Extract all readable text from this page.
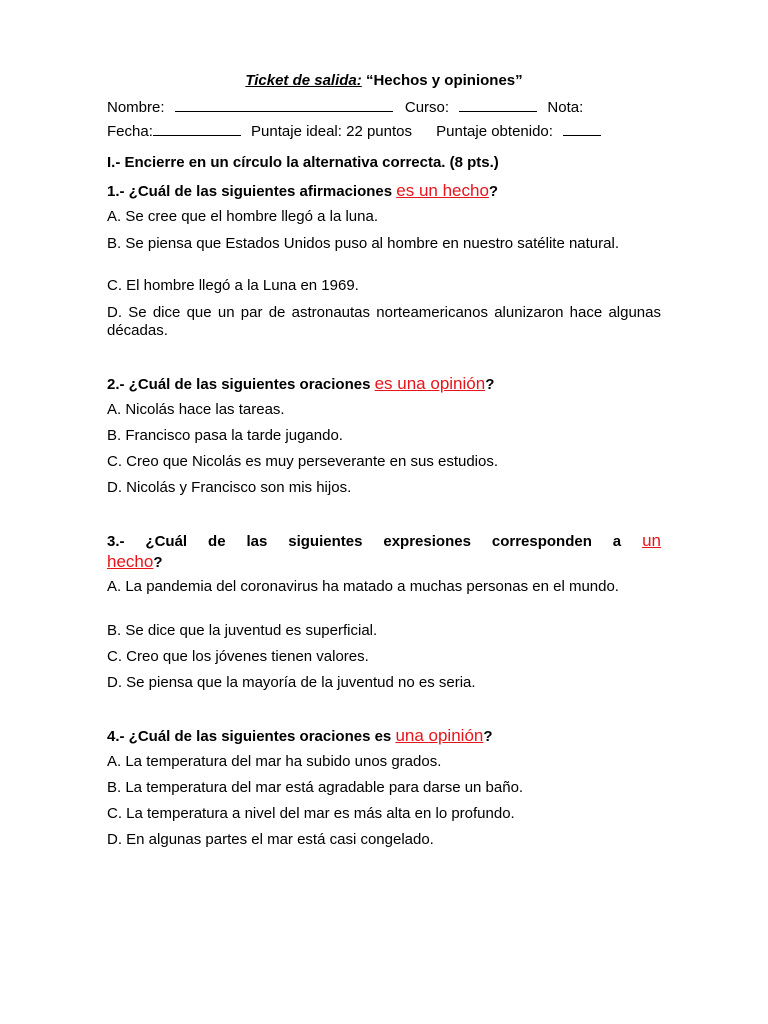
Ticket de salida: “Hechos y opiniones”
Nombre:	Curso:	Nota:
Fecha:	Puntaje ideal: 22 puntos Puntaje obtenido:
I.- Encierre en un círculo la alternativa correcta. (8 pts.)
1.- ¿Cuál de las siguientes afirmaciones es un hecho?
A. Se cree que el hombre llegó a la luna.
B. Se piensa que Estados Unidos puso al hombre en nuestro satélite natural.
C. El hombre llegó a la Luna en 1969.
D. Se dice que un par de astronautas norteamericanos alunizaron hace algunas décadas.
2.- ¿Cuál de las siguientes oraciones es una opinión?
A. Nicolás hace las tareas.
B. Francisco pasa la tarde jugando.
C. Creo que Nicolás es muy perseverante en sus estudios.
D. Nicolás y Francisco son mis hijos.
3.- ¿Cuál de las siguientes expresiones corresponden a un
hecho?
A. La pandemia del coronavirus ha matado a muchas personas en el mundo.
B. Se dice que la juventud es superficial.
C. Creo que los jóvenes tienen valores.
D. Se piensa que la mayoría de la juventud no es seria.
4.- ¿Cuál de las siguientes oraciones es una opinión?
A. La temperatura del mar ha subido unos grados.
B. La temperatura del mar está agradable para darse un baño.
C. La temperatura a nivel del mar es más alta en lo profundo.
D. En algunas partes el mar está casi congelado.
